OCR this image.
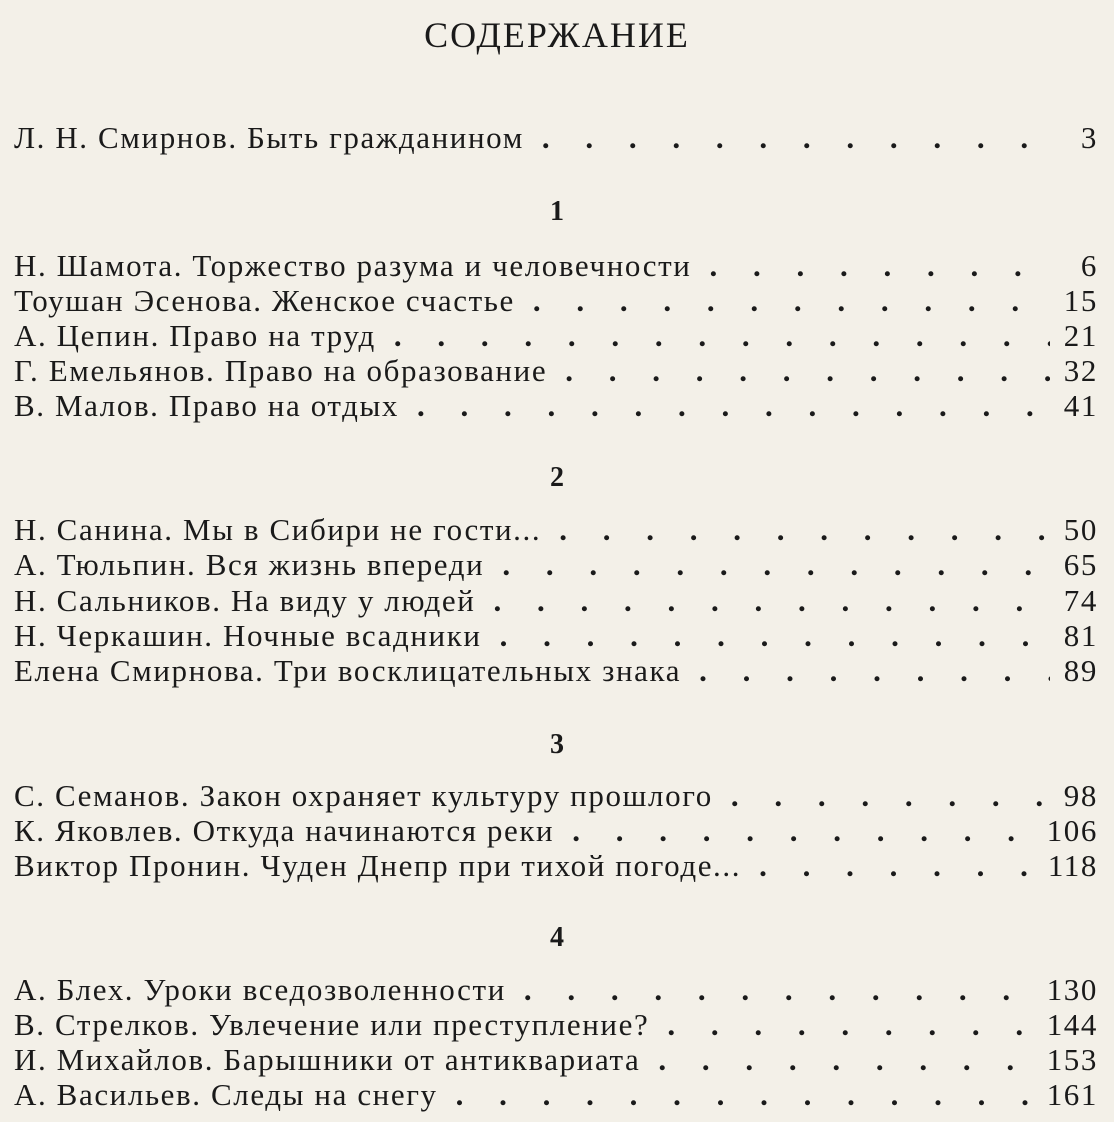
СОДЕРЖАНИЕ
Л. Н. Смирнов. Быть гражданином . . .	3
1
Н. Шамота. Торжество разума и человечности . . .	6
Тоушан Эсенова. Женское счастье . . .	15
А. Цепин. Право на труд . . .	21
Г. Емельянов. Право на образование . . .	32
В. Малов. Право на отдых . . .	41
2
Н. Санина. Мы в Сибири не гости... . . .	50
А. Тюльпин. Вся жизнь впереди . . .	65
Н. Сальников. На виду у людей . . .	74
Н. Черкашин. Ночные всадники . . .	81
Елена Смирнова. Три восклицательных знака . . .	89
3
С. Семанов. Закон охраняет культуру прошлого . . .	98
К. Яковлев. Откуда начинаются реки . . .	106
Виктор Пронин. Чуден Днепр при тихой погоде... . . .	118
4
А. Блех. Уроки вседозволенности . . .	130
В. Стрелков. Увлечение или преступление? . . .	144
И. Михайлов. Барышники от антиквариата . . .	153
А. Васильев. Следы на снегу . . .	161
